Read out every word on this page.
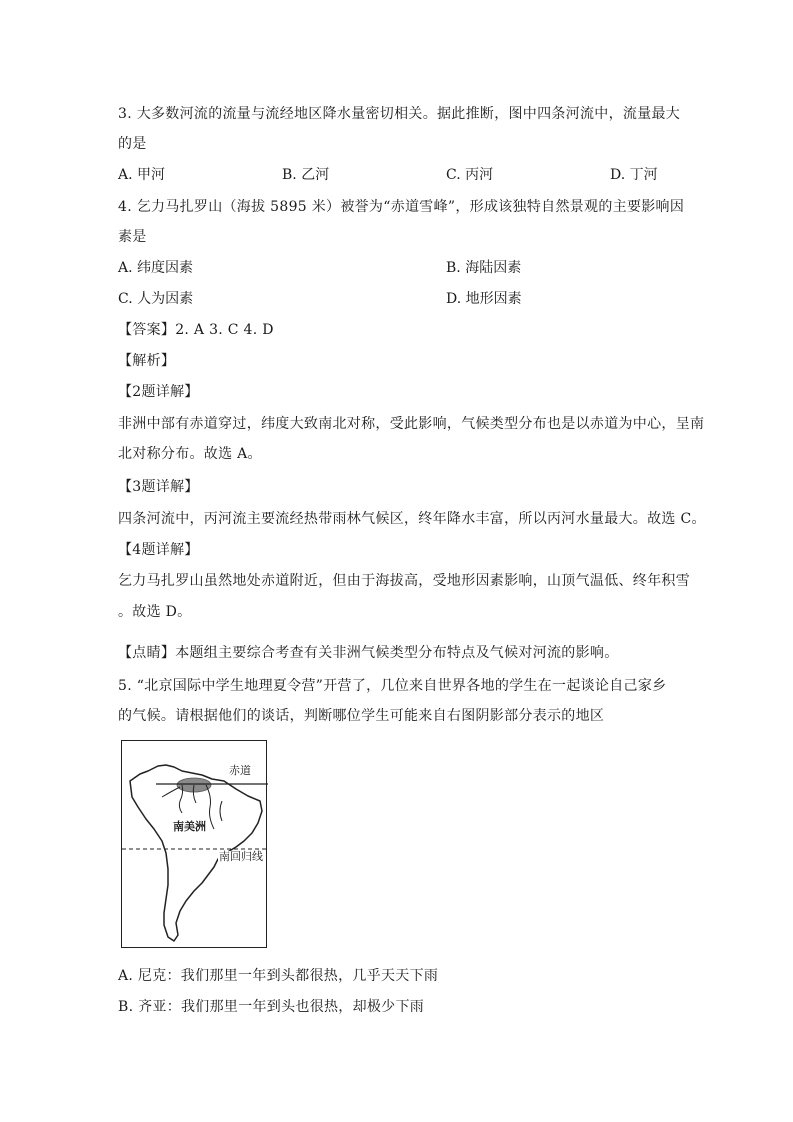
3. 大多数河流的流量与流经地区降水量密切相关。据此推断，图中四条河流中，流量最大
的是
A. 甲河	B. 乙河	C. 丙河	D. 丁河
4. 乞力马扎罗山（海拔 5895 米）被誉为“赤道雪峰”，形成该独特自然景观的主要影响因
素是
A. 纬度因素	B. 海陆因素
C. 人为因素	D. 地形因素
【答案】2. A 3. C 4. D
【解析】
【2题详解】
非洲中部有赤道穿过，纬度大致南北对称，受此影响，气候类型分布也是以赤道为中心，呈南
北对称分布。故选 A。
【3题详解】
四条河流中，丙河流主要流经热带雨林气候区，终年降水丰富，所以丙河水量最大。故选 C。
【4题详解】
乞力马扎罗山虽然地处赤道附近，但由于海拔高，受地形因素影响，山顶气温低、终年积雪
。故选 D。
【点睛】本题组主要综合考查有关非洲气候类型分布特点及气候对河流的影响。
5. “北京国际中学生地理夏令营”开营了，几位来自世界各地的学生在一起谈论自己家乡
的气候。请根据他们的谈话，判断哪位学生可能来自右图阴影部分表示的地区
赤道
南美洲
南回归线
A. 尼克：我们那里一年到头都很热，几乎天天下雨
B. 齐亚：我们那里一年到头也很热，却极少下雨
